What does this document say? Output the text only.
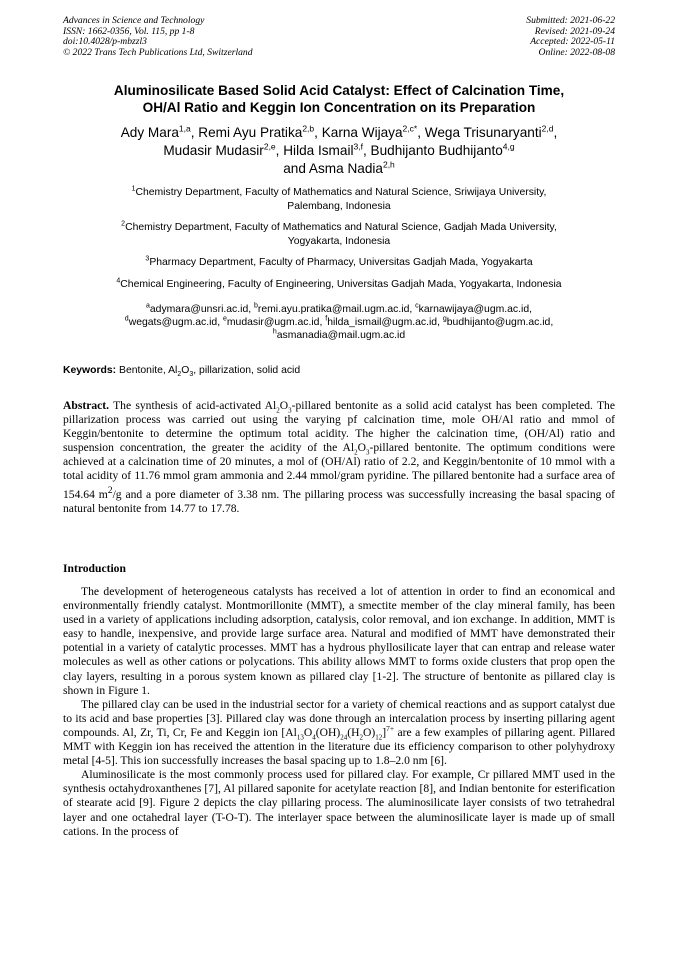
Advances in Science and Technology
ISSN: 1662-0356, Vol. 115, pp 1-8
doi:10.4028/p-mbzzl3
© 2022 Trans Tech Publications Ltd, Switzerland
Submitted: 2021-06-22
Revised: 2021-09-24
Accepted: 2022-05-11
Online: 2022-08-08
Aluminosilicate Based Solid Acid Catalyst: Effect of Calcination Time,
OH/Al Ratio and Keggin Ion Concentration on its Preparation
Ady Mara$^{1,a}$, Remi Ayu Pratika$^{2,b}$, Karna Wijaya$^{2,c*}$, Wega Trisunaryanti$^{2,d}$,
Mudasir Mudasir$^{2,e}$, Hilda Ismail$^{3,f}$, Budhijanto Budhijanto$^{4,g}$
and Asma Nadia$^{2,h}$
$^1$Chemistry Department, Faculty of Mathematics and Natural Science, Sriwijaya University,
Palembang, Indonesia
$^2$Chemistry Department, Faculty of Mathematics and Natural Science, Gadjah Mada University,
Yogyakarta, Indonesia
$^3$Pharmacy Department, Faculty of Pharmacy, Universitas Gadjah Mada, Yogyakarta
$^4$Chemical Engineering, Faculty of Engineering, Universitas Gadjah Mada, Yogyakarta, Indonesia
$^a$adymara@unsri.ac.id, $^b$remi.ayu.pratika@mail.ugm.ac.id, $^c$karnawijaya@ugm.ac.id,
$^d$wegats@ugm.ac.id, $^e$mudasir@ugm.ac.id, $^f$hilda_ismail@ugm.ac.id, $^g$budhijanto@ugm.ac.id,
$^h$asmanadia@mail.ugm.ac.id
Keywords: Bentonite, $Al_2O_3$, pillarization, solid acid
Abstract. The synthesis of acid-activated $Al_2O_3$-pillared bentonite as a solid acid catalyst has been completed. The pillarization process was carried out using the varying pf calcination time, mole OH/Al ratio and mmol of Keggin/bentonite to determine the optimum total acidity. The higher the calcination time, (OH/Al) ratio and suspension concentration, the greater the acidity of the $Al_2O_3$-pillared bentonite. The optimum conditions were achieved at a calcination time of 20 minutes, a mol of (OH/Al) ratio of 2.2, and Keggin/bentonite of 10 mmol with a total acidity of 11.76 mmol gram ammonia and 2.44 mmol/gram pyridine. The pillared bentonite had a surface area of 154.64 $m^2/g$ and a pore diameter of 3.38 nm. The pillaring process was successfully increasing the basal spacing of natural bentonite from 14.77 to 17.78.
Introduction

The development of heterogeneous catalysts has received a lot of attention in order to find an economical and environmentally friendly catalyst. Montmorillonite (MMT), a smectite member of the clay mineral family, has been used in a variety of applications including adsorption, catalysis, color removal, and ion exchange. In addition, MMT is easy to handle, inexpensive, and provide large surface area. Natural and modified of MMT have demonstrated their potential in a variety of catalytic processes. MMT has a hydrous phyllosilicate layer that can entrap and release water molecules as well as other cations or polycations. This ability allows MMT to forms oxide clusters that prop open the clay layers, resulting in a porous system known as pillared clay [1-2]. The structure of bentonite as pillared clay is shown in Figure 1.

The pillared clay can be used in the industrial sector for a variety of chemical reactions and as support catalyst due to its acid and base properties [3]. Pillared clay was done through an intercalation process by inserting pillaring agent compounds. Al, Zr, Ti, Cr, Fe and Keggin ion $[Al_{13}O_4(OH)_{24}(H_2O)_{12}]^{7+}$ are a few examples of pillaring agent. Pillared MMT with Keggin ion has received the attention in the literature due its efficiency comparison to other polyhydroxy metal [4-5]. This ion successfully increases the basal spacing up to 1.8–2.0 nm [6].

Aluminosilicate is the most commonly process used for pillared clay. For example, Cr pillared MMT used in the synthesis octahydroxanthenes [7], Al pillared saponite for acetylate reaction [8], and Indian bentonite for esterification of stearate acid [9]. Figure 2 depicts the clay pillaring process. The aluminosilicate layer consists of two tetrahedral layer and one octahedral layer (T-O-T). The interlayer space between the aluminosilicate layer is made up of small cations. In the process of
